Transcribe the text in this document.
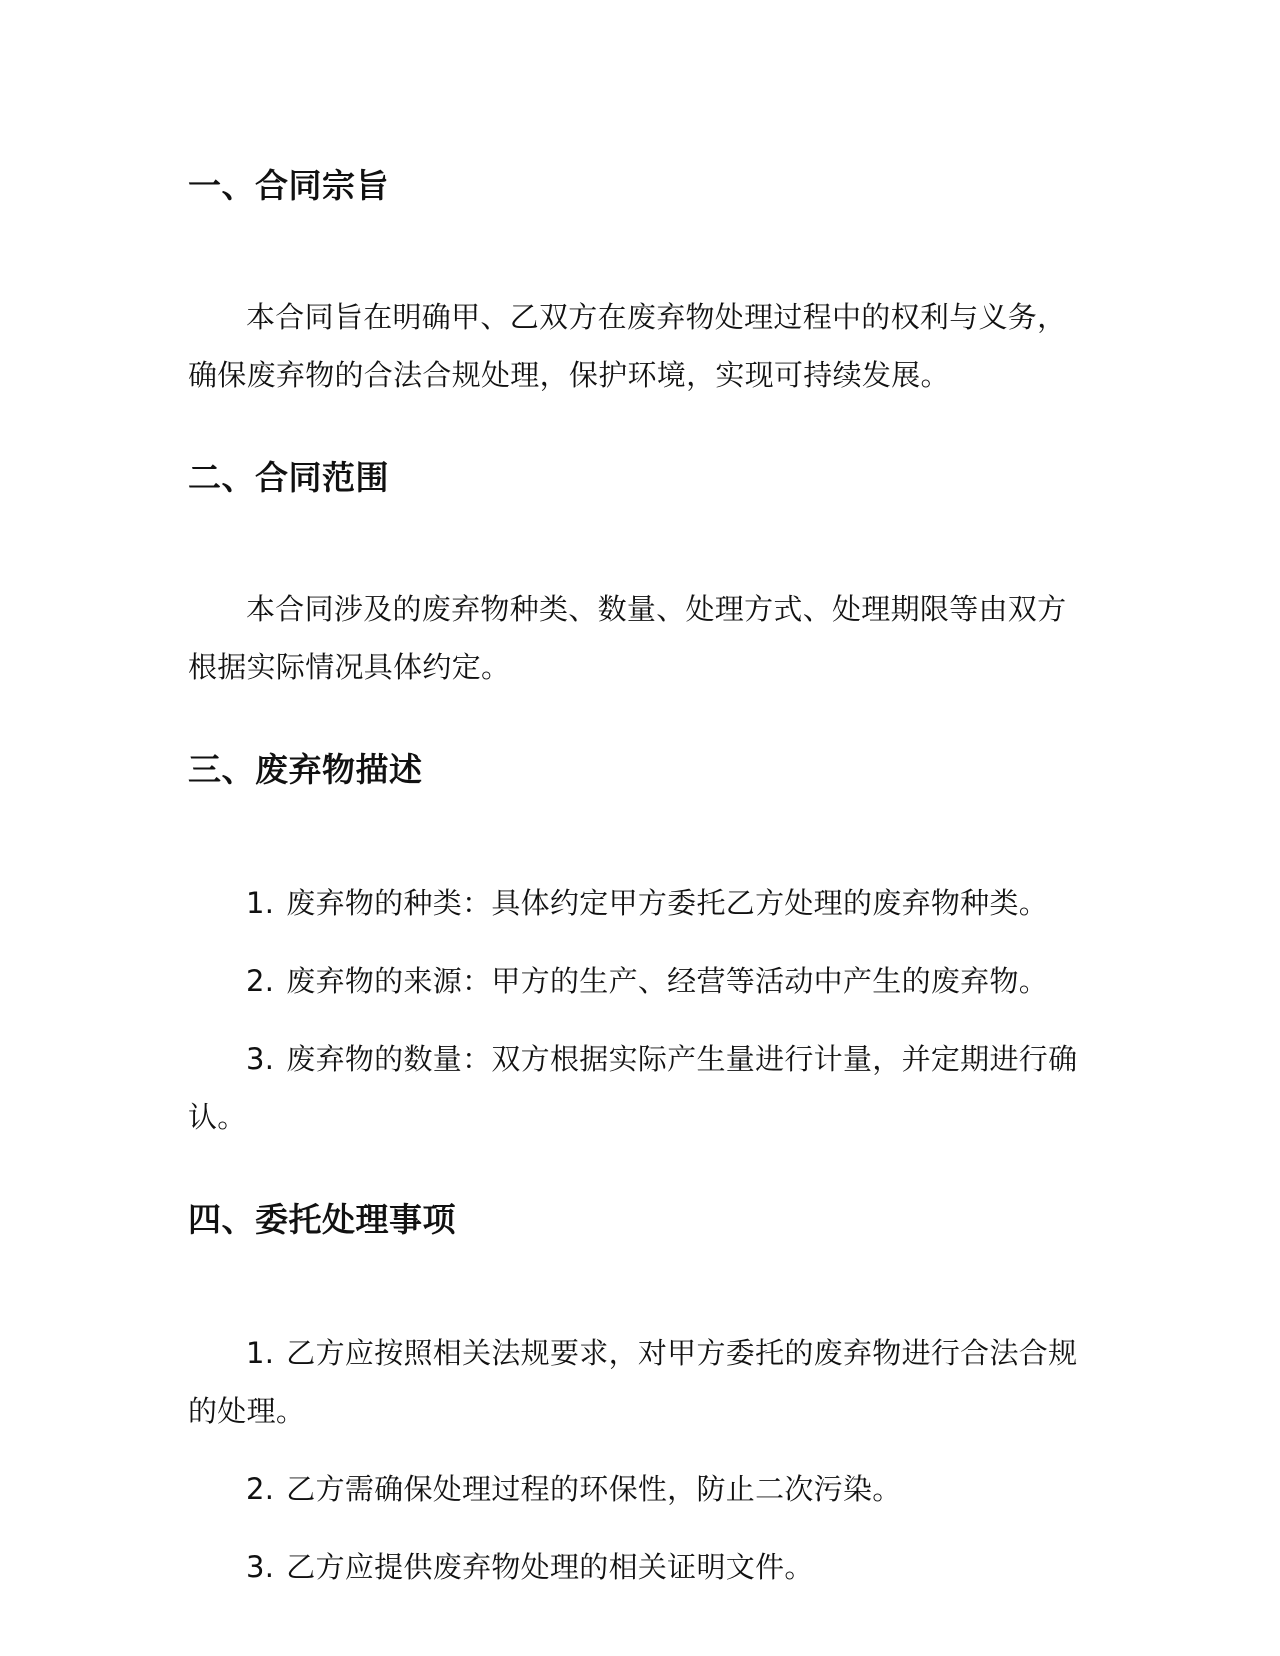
一、合同宗旨

本合同旨在明确甲、乙双方在废弃物处理过程中的权利与义务，确保废弃物的合法合规处理，保护环境，实现可持续发展。

二、合同范围

本合同涉及的废弃物种类、数量、处理方式、处理期限等由双方根据实际情况具体约定。

三、废弃物描述

1. 废弃物的种类：具体约定甲方委托乙方处理的废弃物种类。

2. 废弃物的来源：甲方的生产、经营等活动中产生的废弃物。

3. 废弃物的数量：双方根据实际产生量进行计量，并定期进行确认。

四、委托处理事项

1. 乙方应按照相关法规要求，对甲方委托的废弃物进行合法合规的处理。

2. 乙方需确保处理过程的环保性，防止二次污染。

3. 乙方应提供废弃物处理的相关证明文件。
